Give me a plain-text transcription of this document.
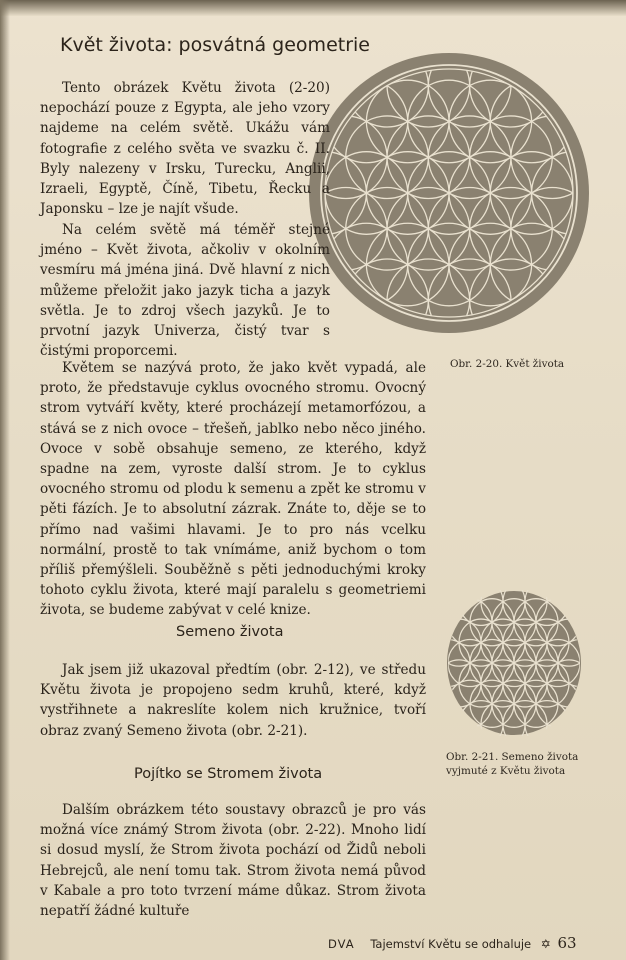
Květ života: posvátná geometrie
Obr. 2-20. Květ života

Tento obrázek Květu života (2-20) nepochází pouze z Egypta, ale jeho vzory najdeme na celém světě. Ukážu vám fotografie z celého světa ve svazku č. II. Byly nalezeny v Irsku, Turecku, Anglii, Izraeli, Egyptě, Číně, Tibetu, Řecku a Japonsku – lze je najít všude.

Na celém světě má téměř stejné jméno – Květ života, ačkoliv v okolním vesmíru má jména jiná. Dvě hlavní z nich můžeme přeložit jako jazyk ticha a jazyk světla. Je to zdroj všech jazyků. Je to prvotní jazyk Univerza, čistý tvar s čistými proporcemi.

Květem se nazývá proto, že jako květ vypadá, ale proto, že představuje cyklus ovocného stromu. Ovocný strom vytváří květy, které procházejí metamorfózou, a stává se z nich ovoce – třešeň, jablko nebo něco jiného. Ovoce v sobě obsahuje semeno, ze kterého, když spadne na zem, vyroste další strom. Je to cyklus ovocného stromu od plodu k semenu a zpět ke stromu v pěti fázích. Je to absolutní zázrak. Znáte to, děje se to přímo nad vašimi hlavami. Je to pro nás vcelku normální, prostě to tak vnímáme, aniž bychom o tom příliš přemýšleli. Souběžně s pěti jednoduchými kroky tohoto cyklu života, které mají paralelu s geometriemi života, se budeme zabývat v celé knize.

Semeno života

Jak jsem již ukazoval předtím (obr. 2-12), ve středu Květu života je propojeno sedm kruhů, které, když vystřihnete a nakreslíte kolem nich kružnice, tvoří obraz zvaný Semeno života (obr. 2-21).

Obr. 2-21. Semeno života
vyjmuté z Květu života
Pojítko se Stromem života

Dalším obrázkem této soustavy obrazců je pro vás možná více známý Strom života (obr. 2-22). Mnoho lidí si dosud myslí, že Strom života pochází od Židů neboli Hebrejců, ale není tomu tak. Strom života nemá původ v Kabale a pro toto tvrzení máme důkaz. Strom života nepatří žádné kultuře

DVA Tajemství Květu se odhaluje ✡ 63
